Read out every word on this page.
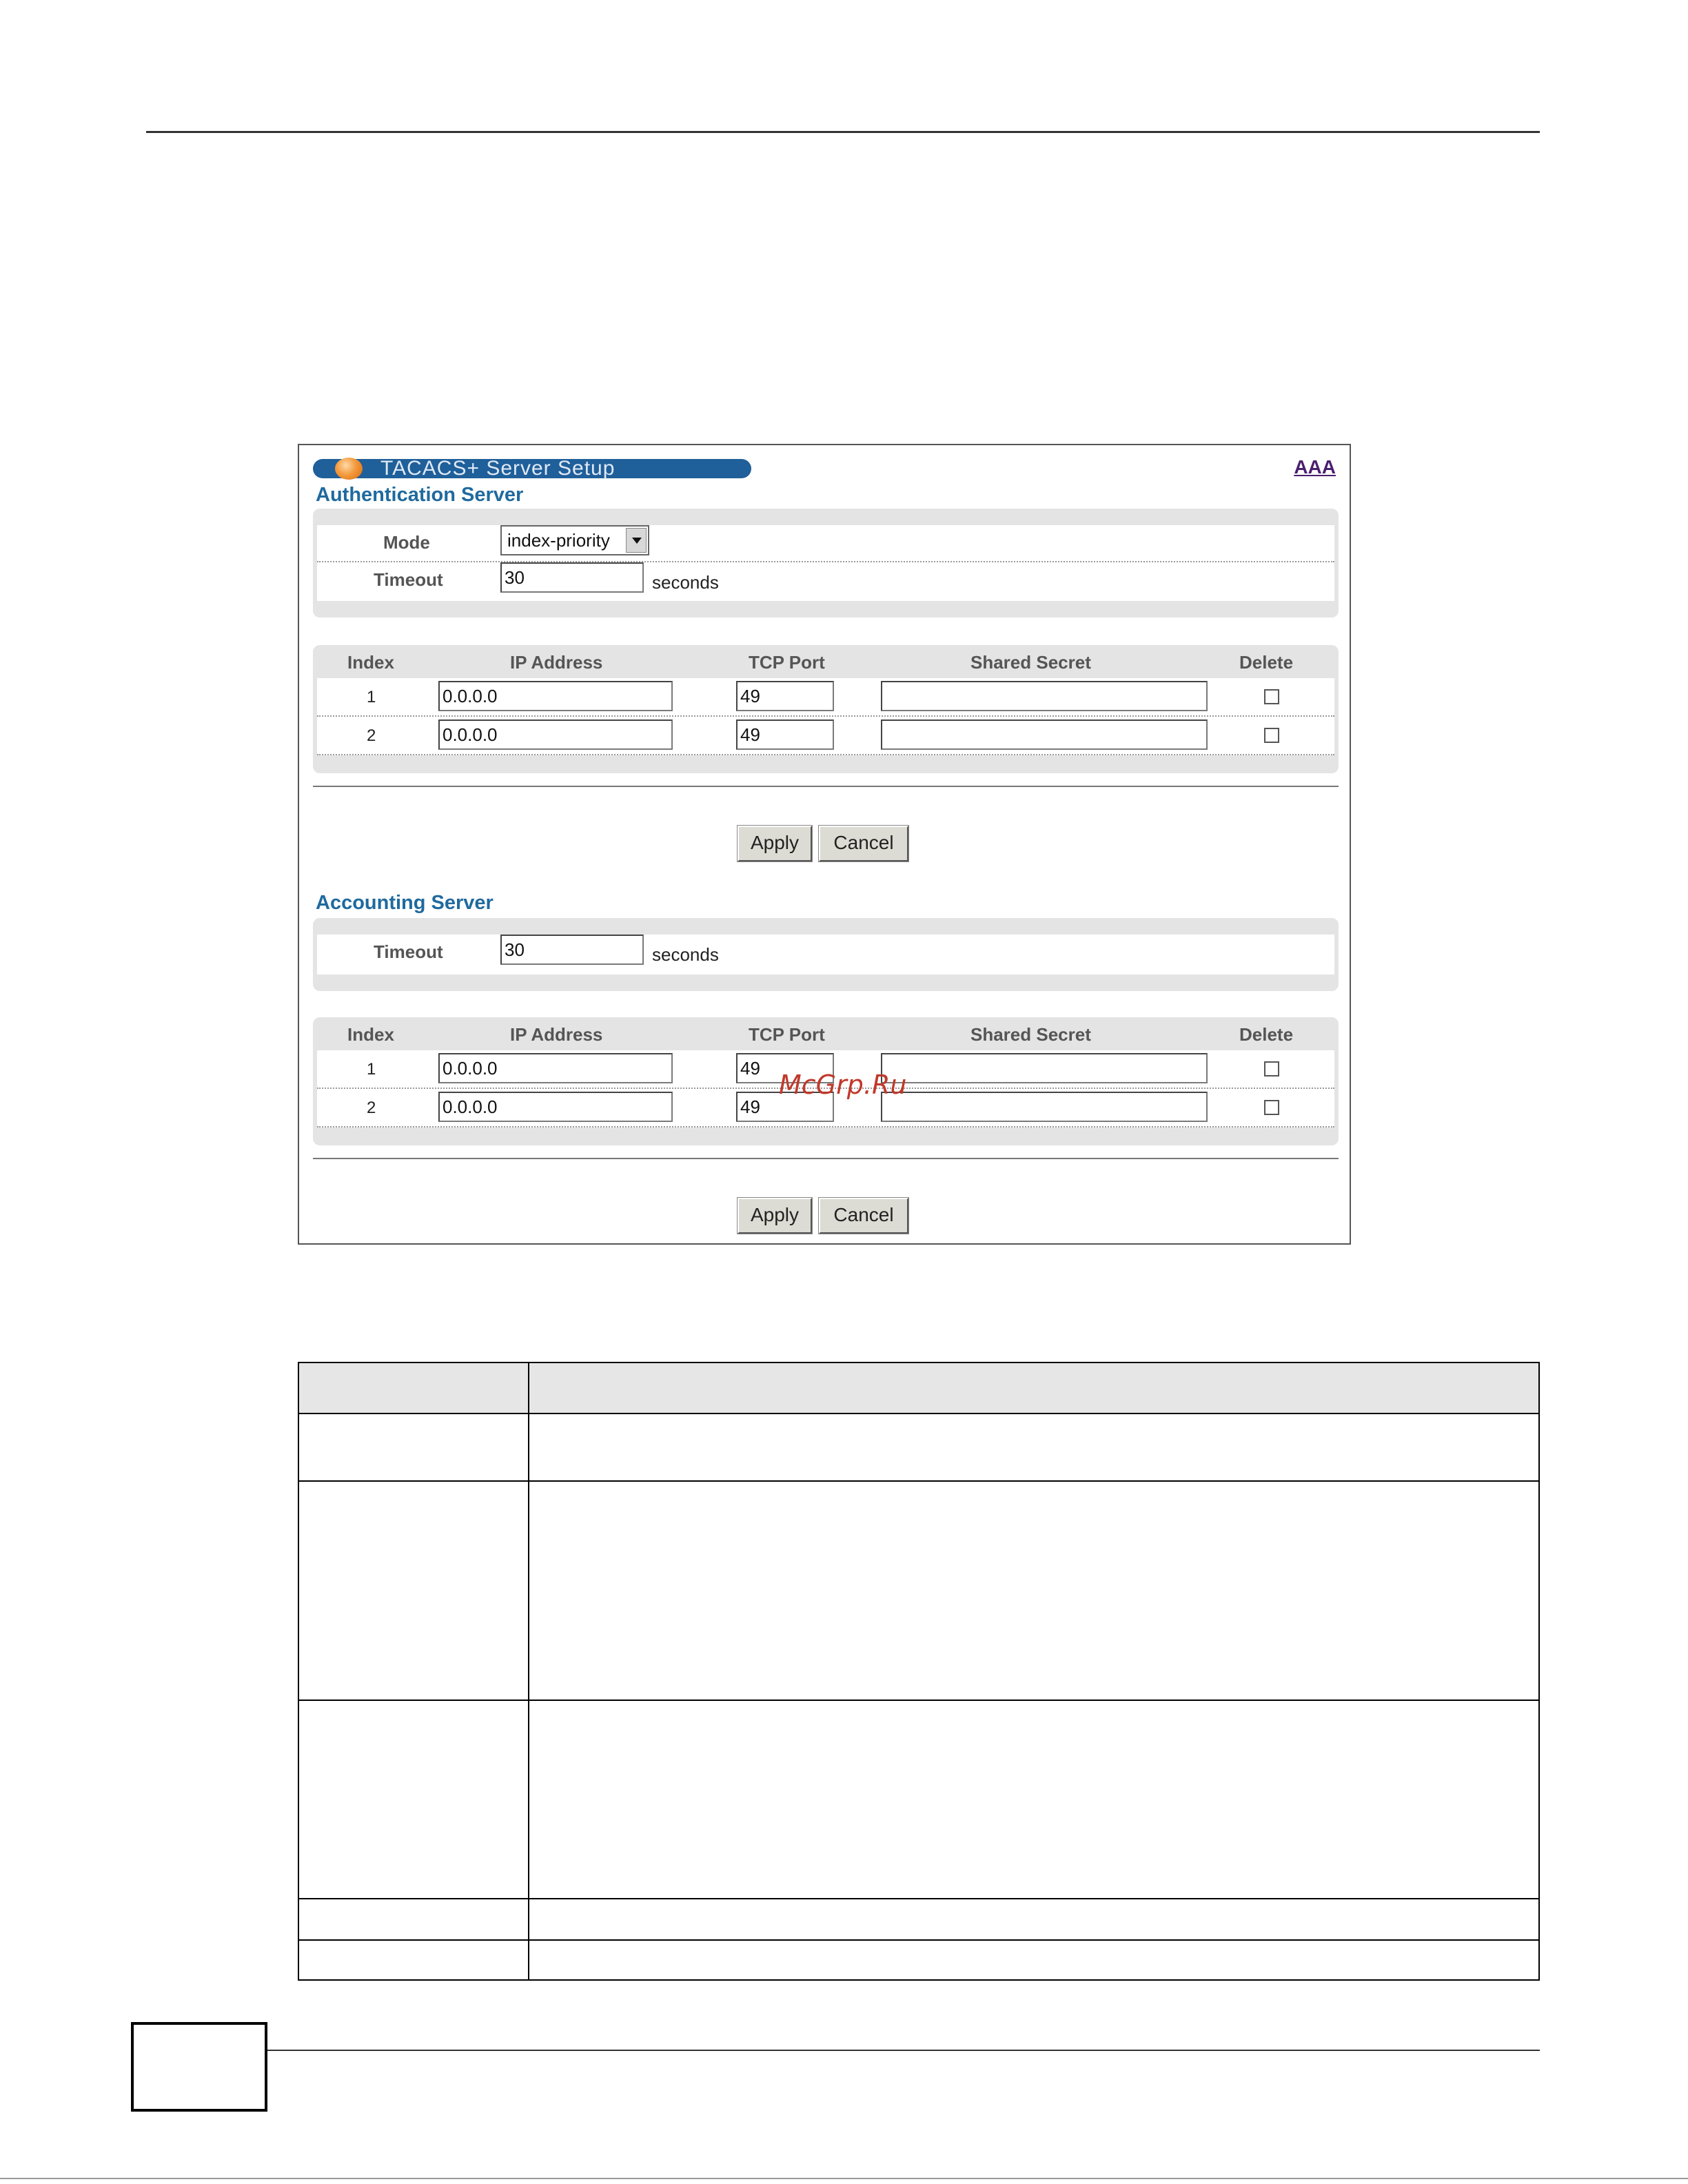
TACACS+ Server Setup	AAA
Authentication Server
Mode	index-priority
Timeout	30	seconds
Index	IP Address	TCP Port	Shared Secret	Delete
1	0.0.0.0	49
2	0.0.0.0	49
Apply	Cancel
Accounting Server
Timeout	30	seconds
Index	IP Address	TCP Port	Shared Secret	Delete
1	0.0.0.0	49
2	0.0.0.0	49
Apply	Cancel
McGrp.Ru
